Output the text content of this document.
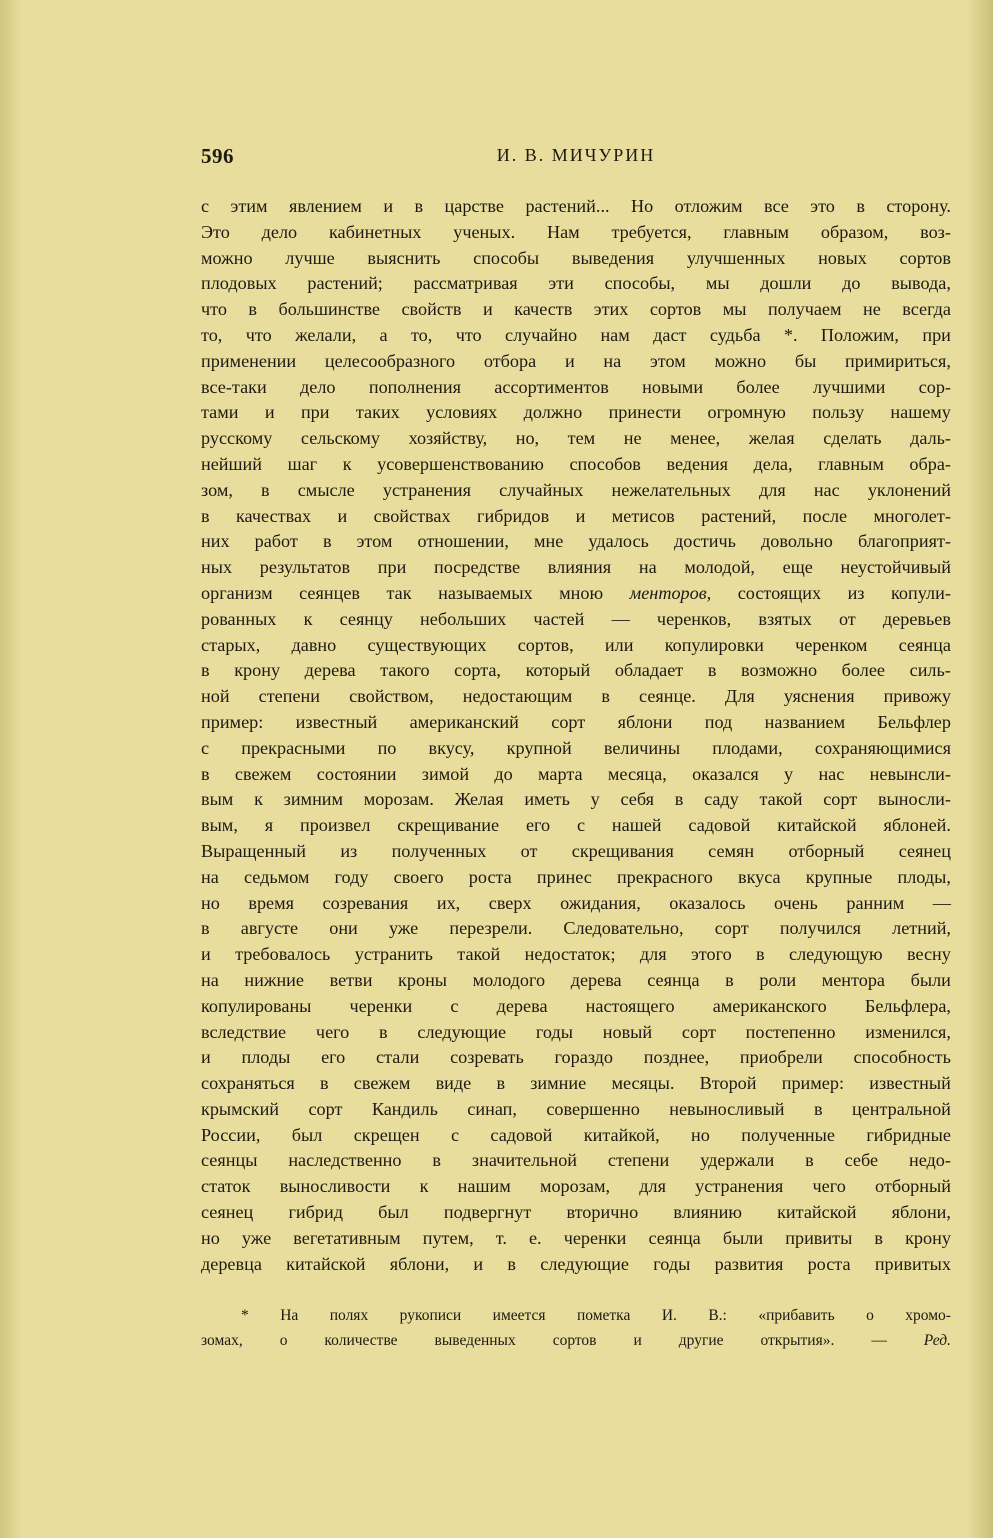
596	И. В. МИЧУРИН
с этим явлением и в царстве растений... Но отложим все это в сторону.
Это дело кабинетных ученых. Нам требуется, главным образом, воз-
можно лучше выяснить способы выведения улучшенных новых сортов
плодовых растений; рассматривая эти способы, мы дошли до вывода,
что в большинстве свойств и качеств этих сортов мы получаем не всегда
то, что желали, а то, что случайно нам даст судьба *. Положим, при
применении целесообразного отбора и на этом можно бы примириться,
все-таки дело пополнения ассортиментов новыми более лучшими сор-
тами и при таких условиях должно принести огромную пользу нашему
русскому сельскому хозяйству, но, тем не менее, желая сделать даль-
нейший шаг к усовершенствованию способов ведения дела, главным обра-
зом, в смысле устранения случайных нежелательных для нас уклонений
в качествах и свойствах гибридов и метисов растений, после многолет-
них работ в этом отношении, мне удалось достичь довольно благоприят-
ных результатов при посредстве влияния на молодой, еще неустойчивый
организм сеянцев так называемых мною менторов, состоящих из копули-
рованных к сеянцу небольших частей — черенков, взятых от деревьев
старых, давно существующих сортов, или копулировки черенком сеянца
в крону дерева такого сорта, который обладает в возможно более силь-
ной степени свойством, недостающим в сеянце. Для уяснения привожу
пример: известный американский сорт яблони под названием Бельфлер
с прекрасными по вкусу, крупной величины плодами, сохраняющимися
в свежем состоянии зимой до марта месяца, оказался у нас невынсли-
вым к зимним морозам. Желая иметь у себя в саду такой сорт выносли-
вым, я произвел скрещивание его с нашей садовой китайской яблоней.
Выращенный из полученных от скрещивания семян отборный сеянец
на седьмом году своего роста принес прекрасного вкуса крупные плоды,
но время созревания их, сверх ожидания, оказалось очень ранним —
в августе они уже перезрели. Следовательно, сорт получился летний,
и требовалось устранить такой недостаток; для этого в следующую весну
на нижние ветви кроны молодого дерева сеянца в роли ментора были
копулированы черенки с дерева настоящего американского Бельфлера,
вследствие чего в следующие годы новый сорт постепенно изменился,
и плоды его стали созревать гораздо позднее, приобрели способность
сохраняться в свежем виде в зимние месяцы. Второй пример: известный
крымский сорт Кандиль синап, совершенно невыносливый в центральной
России, был скрещен с садовой китайкой, но полученные гибридные
сеянцы наследственно в значительной степени удержали в себе недо-
статок выносливости к нашим морозам, для устранения чего отборный
сеянец гибрид был подвергнут вторично влиянию китайской яблони,
но уже вегетативным путем, т. е. черенки сеянца были привиты в крону
деревца китайской яблони, и в следующие годы развития роста привитых
* На полях рукописи имеется пометка И. В.: «прибавить о хромо-
зомах, о количестве выведенных сортов и другие открытия». — Ред.
